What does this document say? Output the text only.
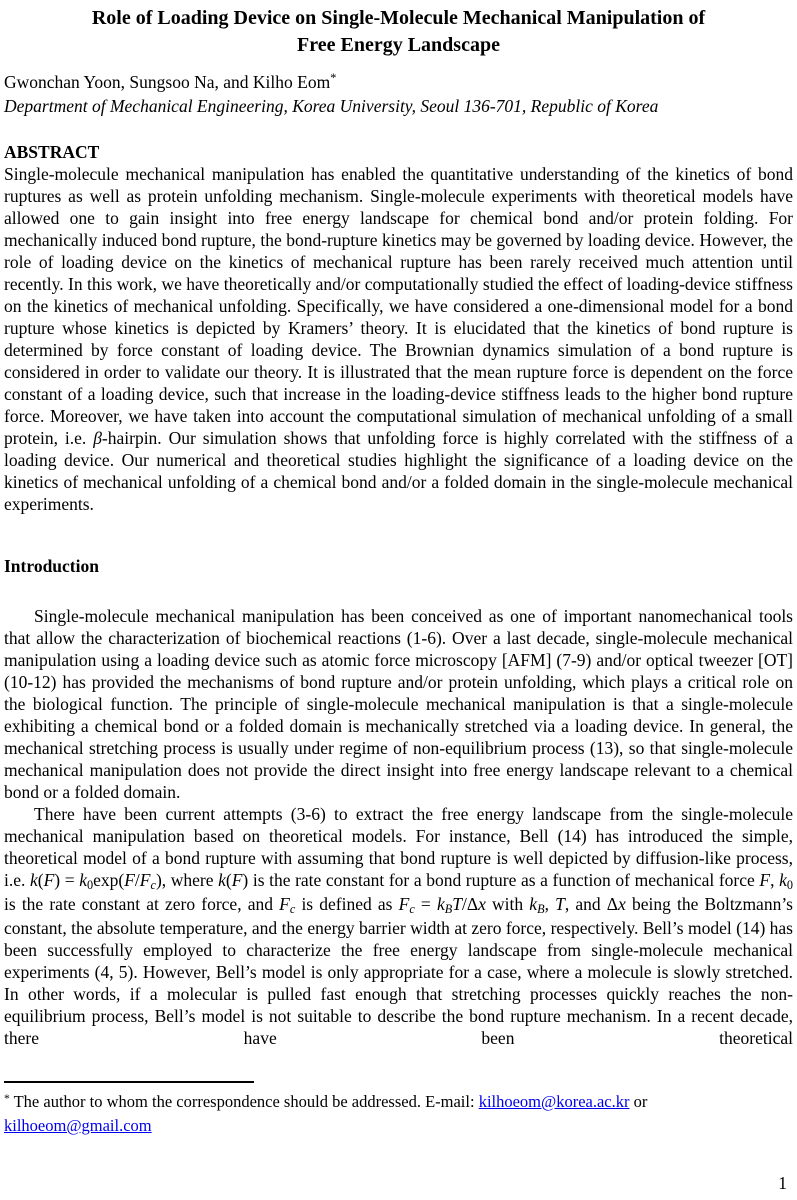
Role of Loading Device on Single-Molecule Mechanical Manipulation of
Free Energy Landscape
Gwonchan Yoon, Sungsoo Na, and Kilho Eom*
Department of Mechanical Engineering, Korea University, Seoul 136-701, Republic of Korea
ABSTRACT
Single-molecule mechanical manipulation has enabled the quantitative understanding of the kinetics of bond ruptures as well as protein unfolding mechanism. Single-molecule experiments with theoretical models have allowed one to gain insight into free energy landscape for chemical bond and/or protein folding. For mechanically induced bond rupture, the bond-rupture kinetics may be governed by loading device. However, the role of loading device on the kinetics of mechanical rupture has been rarely received much attention until recently. In this work, we have theoretically and/or computationally studied the effect of loading-device stiffness on the kinetics of mechanical unfolding. Specifically, we have considered a one-dimensional model for a bond rupture whose kinetics is depicted by Kramers’ theory. It is elucidated that the kinetics of bond rupture is determined by force constant of loading device. The Brownian dynamics simulation of a bond rupture is considered in order to validate our theory. It is illustrated that the mean rupture force is dependent on the force constant of a loading device, such that increase in the loading-device stiffness leads to the higher bond rupture force. Moreover, we have taken into account the computational simulation of mechanical unfolding of a small protein, i.e. β-hairpin. Our simulation shows that unfolding force is highly correlated with the stiffness of a loading device. Our numerical and theoretical studies highlight the significance of a loading device on the kinetics of mechanical unfolding of a chemical bond and/or a folded domain in the single-molecule mechanical experiments.
Introduction
Single-molecule mechanical manipulation has been conceived as one of important nanomechanical tools that allow the characterization of biochemical reactions (1-6). Over a last decade, single-molecule mechanical manipulation using a loading device such as atomic force microscopy [AFM] (7-9) and/or optical tweezer [OT] (10-12) has provided the mechanisms of bond rupture and/or protein unfolding, which plays a critical role on the biological function. The principle of single-molecule mechanical manipulation is that a single-molecule exhibiting a chemical bond or a folded domain is mechanically stretched via a loading device. In general, the mechanical stretching process is usually under regime of non-equilibrium process (13), so that single-molecule mechanical manipulation does not provide the direct insight into free energy landscape relevant to a chemical bond or a folded domain.
There have been current attempts (3-6) to extract the free energy landscape from the single-molecule mechanical manipulation based on theoretical models. For instance, Bell (14) has introduced the simple, theoretical model of a bond rupture with assuming that bond rupture is well depicted by diffusion-like process, i.e. k(F) = k0exp(F/Fc), where k(F) is the rate constant for a bond rupture as a function of mechanical force F, k0 is the rate constant at zero force, and Fc is defined as Fc = kBT/Δx with kB, T, and Δx being the Boltzmann’s constant, the absolute temperature, and the energy barrier width at zero force, respectively. Bell’s model (14) has been successfully employed to characterize the free energy landscape from single-molecule mechanical experiments (4, 5). However, Bell’s model is only appropriate for a case, where a molecule is slowly stretched. In other words, if a molecular is pulled fast enough that stretching processes quickly reaches the non-equilibrium process, Bell’s model is not suitable to describe the bond rupture mechanism. In a recent decade, there have been theoretical
* The author to whom the correspondence should be addressed. E-mail: kilhoeom@korea.ac.kr or kilhoeom@gmail.com
1
